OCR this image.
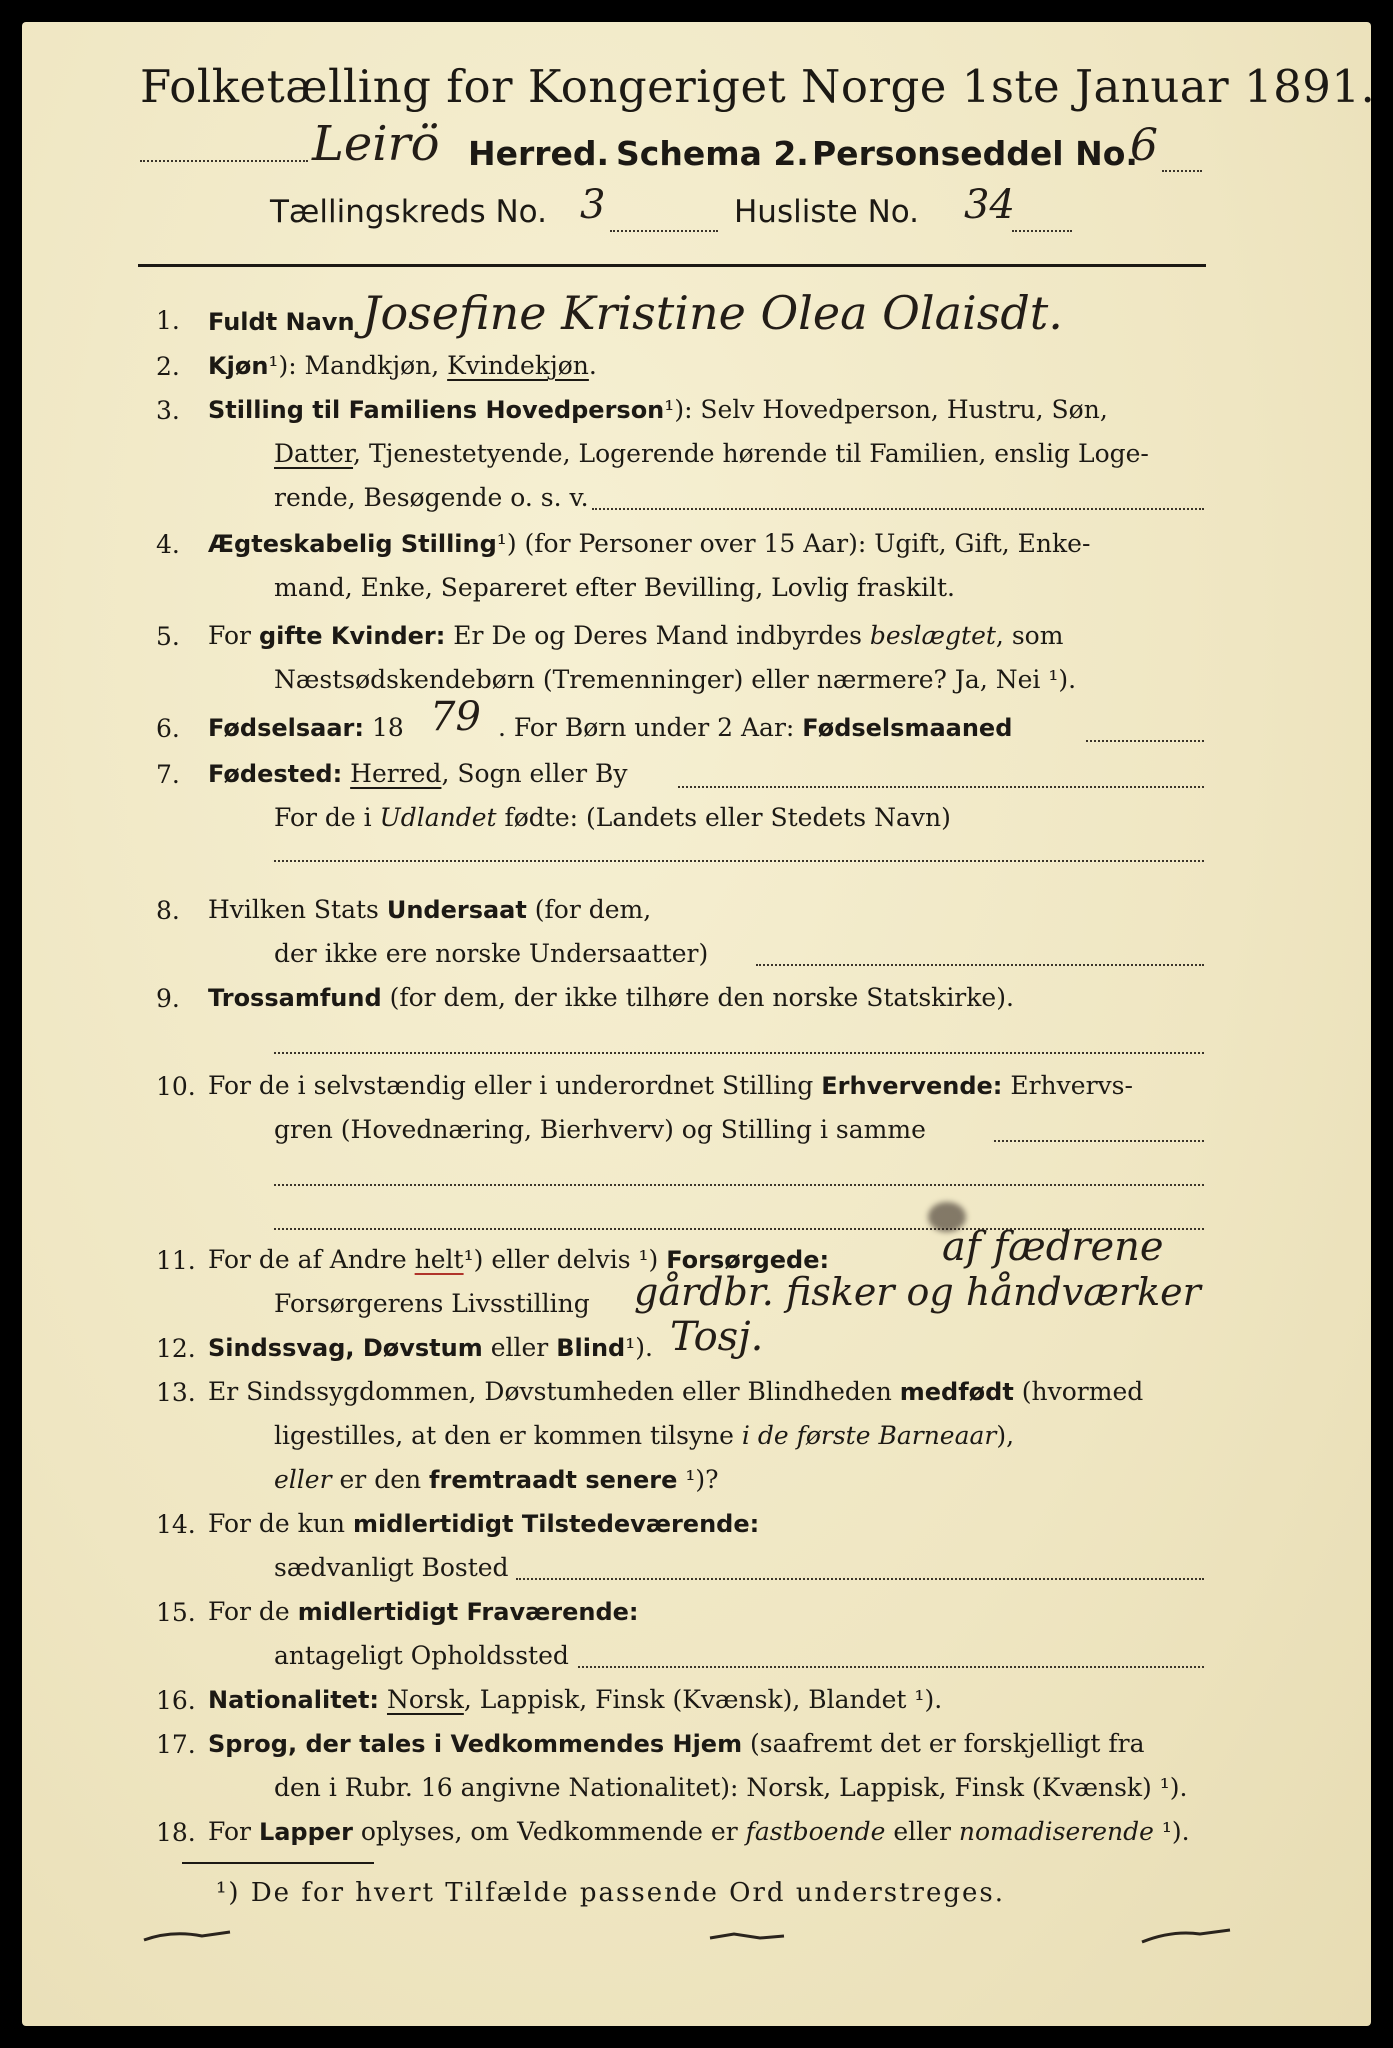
Folketælling for Kongeriget Norge 1ste Januar 1891.
Leirö Herred. Schema 2. Personseddel No.
6
Tællingskreds No. 3	Husliste No. 34
1. Fuldt Navn Josefine Kristine Olea Olaisdt.
2. Kjøn¹): Mandkjøn, Kvindekjøn.
3. Stilling til Familiens Hovedperson¹): Selv Hovedperson, Hustru, Søn,
Datter, Tjenestetyende, Logerende hørende til Familien, enslig Loge-
rende, Besøgende o. s. v.
4. Ægteskabelig Stilling¹) (for Personer over 15 Aar): Ugift, Gift, Enke-
mand, Enke, Separeret efter Bevilling, Lovlig fraskilt.
5. For gifte Kvinder: Er De og Deres Mand indbyrdes beslægtet, som
Næstsødskendebørn (Tremenninger) eller nærmere? Ja, Nei ¹).
6. Fødselsaar: 18 79 . For Børn under 2 Aar: Fødselsmaaned
7. Fødested: Herred, Sogn eller By
For de i Udlandet fødte: (Landets eller Stedets Navn)
8. Hvilken Stats Undersaat (for dem,
der ikke ere norske Undersaatter)
9. Trossamfund (for dem, der ikke tilhøre den norske Statskirke).
10. For de i selvstændig eller i underordnet Stilling Erhvervende: Erhvervs-
gren (Hovednæring, Bierhverv) og Stilling i samme
11. For de af Andre helt¹) eller delvis ¹) Forsørgede:	af fædrene
Forsørgerens Livsstilling gårdbr. fisker og håndværker
12. Sindssvag, Døvstum eller Blind¹). Tosj.
13. Er Sindssygdommen, Døvstumheden eller Blindheden medfødt (hvormed
ligestilles, at den er kommen tilsyne i de første Barneaar),
eller er den fremtraadt senere ¹)?
14. For de kun midlertidigt Tilstedeværende:
sædvanligt Bosted
15. For de midlertidigt Fraværende:
antageligt Opholdssted
16. Nationalitet: Norsk, Lappisk, Finsk (Kvænsk), Blandet ¹).
17. Sprog, der tales i Vedkommendes Hjem (saafremt det er forskjelligt fra
den i Rubr. 16 angivne Nationalitet): Norsk, Lappisk, Finsk (Kvænsk) ¹).
18. For Lapper oplyses, om Vedkommende er fastboende eller nomadiserende ¹).
¹) De for hvert Tilfælde passende Ord understreges.
